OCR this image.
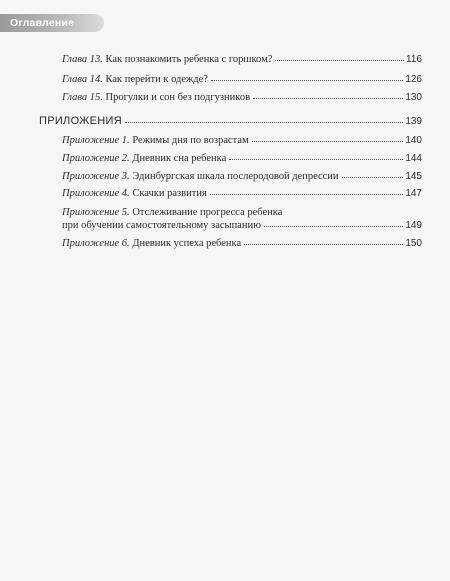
Оглавление
Глава 13. Как познакомить ребенка с горшком?	116
Глава 14. Как перейти к одежде?	126
Глава 15. Прогулки и сон без подгузников	130
ПРИЛОЖЕНИЯ	139
Приложение 1. Режимы дня по возрастам	140
Приложение 2. Дневник сна ребенка	144
Приложение 3. Эдинбургская шкала послеродовой депрессии	145
Приложение 4. Скачки развития	147
Приложение 5. Отслеживание прогресса ребенка
при обучении самостоятельному засыпанию	149
Приложение 6. Дневник успеха ребенка	150
